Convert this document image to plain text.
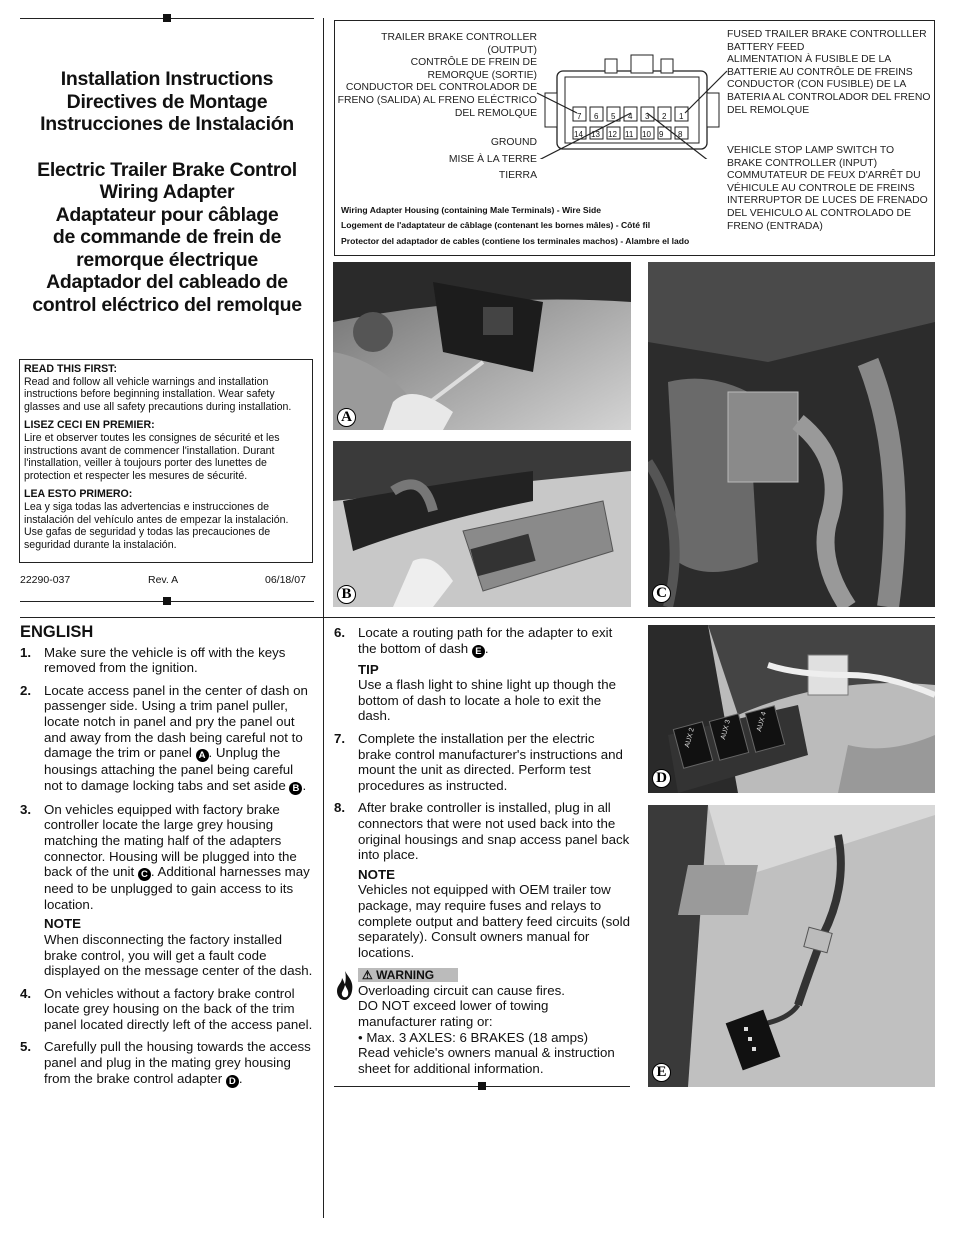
Installation Instructions
Directives de Montage
Instrucciones de Instalación
Electric Trailer Brake Control
Wiring Adapter
Adaptateur pour câblage
de commande de frein de
remorque électrique
Adaptador del cableado de
control eléctrico del remolque
READ THIS FIRST:
Read and follow all vehicle warnings and installation instructions before beginning installation. Wear safety glasses and use all safety precautions during installation.
LISEZ CECI EN PREMIER:
Lire et observer toutes les consignes de sécurité et les instructions avant de commencer l'installation. Durant l'installation, veiller à toujours porter des lunettes de protection et respecter les mesures de sécurité.
LEA ESTO PRIMERO:
Lea y siga todas las advertencias e instrucciones de instalación del vehículo antes de empezar la instalación. Use gafas de seguridad y todas las precauciones de seguridad durante la instalación.
22290-037	Rev. A	06/18/07
TRAILER BRAKE CONTROLLER (OUTPUT)
CONTRÔLE DE FREIN DE
REMORQUE (SORTIE)
CONDUCTOR DEL CONTROLADOR DE
FRENO (SALIDA) AL FRENO ELÉCTRICO
DEL REMOLQUE
GROUND
MISE À LA TERRE
TIERRA
FUSED TRAILER BRAKE CONTROLLLER
BATTERY FEED
ALIMENTATION À FUSIBLE DE LA
BATTERIE AU CONTRÔLE DE FREINS
CONDUCTOR (CON FUSIBLE) DE LA
BATERIA AL CONTROLADOR DEL FRENO
DEL REMOLQUE
VEHICLE STOP LAMP SWITCH TO
BRAKE CONTROLLER (INPUT)
COMMUTATEUR DE FEUX D'ARRÊT DU
VÉHICULE AU CONTROLE DE FREINS
INTERRUPTOR DE LUCES DE FRENADO
DEL VEHICULO AL CONTROLADO DE
FRENO (ENTRADA)
Wiring Adapter Housing (containing Male Terminals) - Wire Side
Logement de l'adaptateur de câblage (contenant les bornes mâles) - Côté fil
Protector del adaptador de cables (contiene los terminales machos) - Alambre el lado
7 6 5 4 3 2 1
14 13 12 11 10 9 8
A
B	C
AUX 2	AUX 3	AUX 4
D
E
ENGLISH
1. Make sure the vehicle is off with the keys removed from the ignition.
2. Locate access panel in the center of dash on passenger side. Using a trim panel puller, locate notch in panel and pry the panel out and away from the dash being careful not to damage the trim or panel A . Unplug the housings attaching the panel being careful not to damage locking tabs and set aside B .
3. On vehicles equipped with factory brake controller locate the large grey housing matching the mating half of the adapters connector. Housing will be plugged into the back of the unit C . Additional harnesses may need to be unplugged to gain access to its location.
NOTE
When disconnecting the factory installed brake control, you will get a fault code displayed on the message center of the dash.
4. On vehicles without a factory brake control locate grey housing on the back of the trim panel located directly left of the access panel.
5. Carefully pull the housing towards the access panel and plug in the mating grey housing from the brake control adapter D .
6. Locate a routing path for the adapter to exit the bottom of dash E .
TIP
Use a flash light to shine light up though the bottom of dash to locate a hole to exit the dash.
7. Complete the installation per the electric brake control manufacturer's instructions and mount the unit as directed. Perform test procedures as instructed.
8. After brake controller is installed, plug in all connectors that were not used back into the original housings and snap access panel back into place.
NOTE
Vehicles not equipped with OEM trailer tow package, may require fuses and relays to complete output and battery feed circuits (sold separately). Consult owners manual for locations.
⚠ WARNING
Overloading circuit can cause fires.
DO NOT exceed lower of towing manufacturer rating or:
• Max. 3 AXLES: 6 BRAKES (18 amps)
Read vehicle's owners manual & instruction sheet for additional information.
